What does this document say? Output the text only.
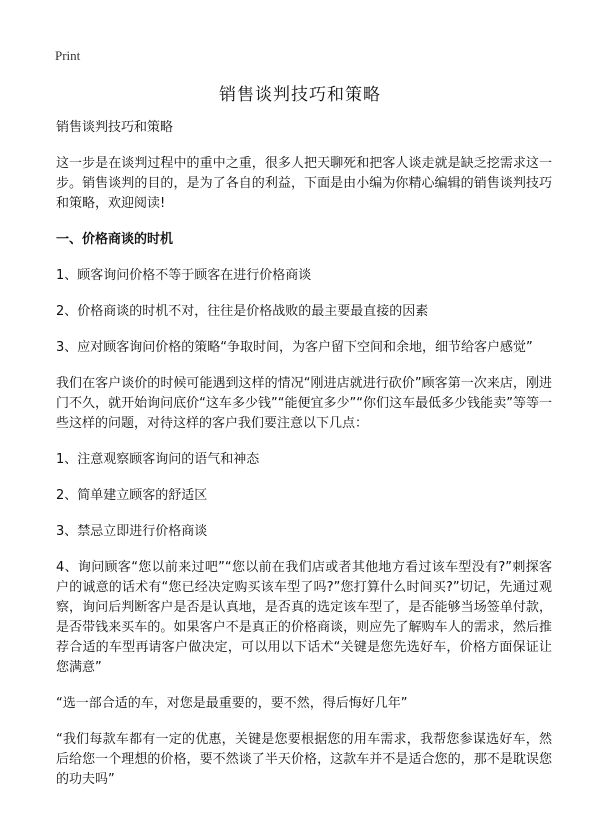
Print
销售谈判技巧和策略

销售谈判技巧和策略

这一步是在谈判过程中的重中之重，很多人把天聊死和把客人谈走就是缺乏挖需求这一步。销售谈判的目的，是为了各自的利益，下面是由小编为你精心编辑的销售谈判技巧和策略，欢迎阅读!

一、价格商谈的时机

1、顾客询问价格不等于顾客在进行价格商谈

2、价格商谈的时机不对，往往是价格战败的最主要最直接的因素

3、应对顾客询问价格的策略“争取时间，为客户留下空间和余地，细节给客户感觉”

我们在客户谈价的时候可能遇到这样的情况“刚进店就进行砍价”顾客第一次来店，刚进门不久，就开始询问底价“这车多少钱”“能便宜多少”“你们这车最低多少钱能卖”等等一些这样的问题，对待这样的客户我们要注意以下几点：

1、注意观察顾客询问的语气和神态

2、简单建立顾客的舒适区

3、禁忌立即进行价格商谈

4、询问顾客“您以前来过吧”“您以前在我们店或者其他地方看过该车型没有?”刺探客户的诚意的话术有“您已经决定购买该车型了吗?”您打算什么时间买?”切记，先通过观察，询问后判断客户是否是认真地，是否真的选定该车型了，是否能够当场签单付款，是否带钱来买车的。如果客户不是真正的价格商谈，则应先了解购车人的需求，然后推荐合适的车型再请客户做决定，可以用以下话术“关键是您先选好车，价格方面保证让您满意”

“选一部合适的车，对您是最重要的，要不然，得后悔好几年”

“我们每款车都有一定的优惠，关键是您要根据您的用车需求，我帮您参谋选好车，然后给您一个理想的价格，要不然谈了半天价格，这款车并不是适合您的，那不是耽误您的功夫吗”
